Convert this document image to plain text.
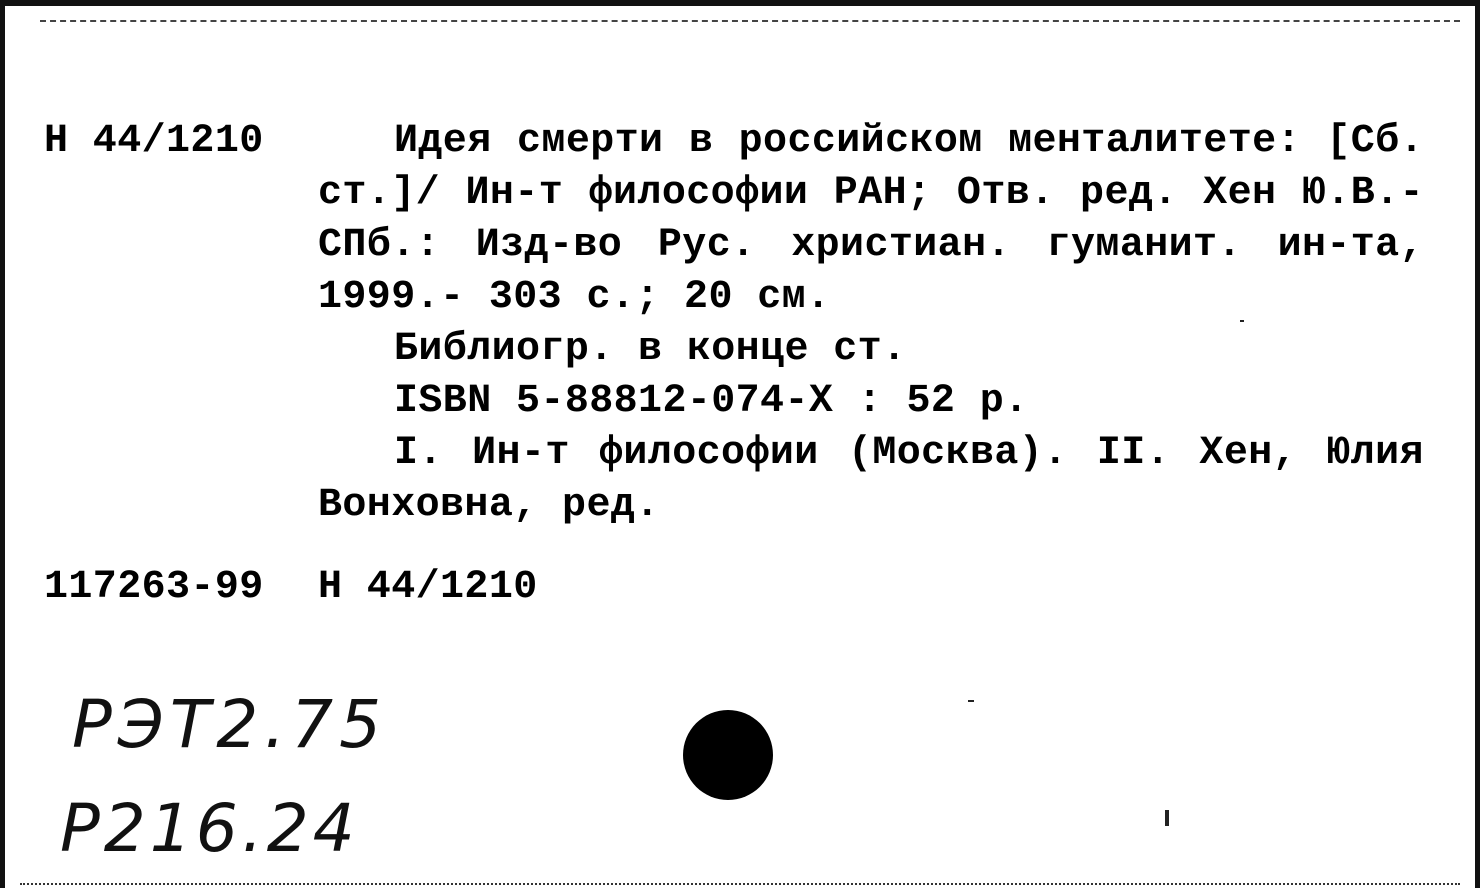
Н 44/1210	Идея смерти в российском менталитете: [Сб.
ст.]/ Ин-т философии РАН; Отв. ред. Хен Ю.В.-
СПб.: Изд-во Рус. христиан. гуманит. ин-та,
1999.- 303 с.; 20 см.
Библиогр. в конце ст.
ISBN 5-88812-074-X : 52 р.
I. Ин-т философии (Москва). II. Хен, Юлия
Вонховна, ред.
117263-99 Н 44/1210
РЭТ2.75
Р216.24
